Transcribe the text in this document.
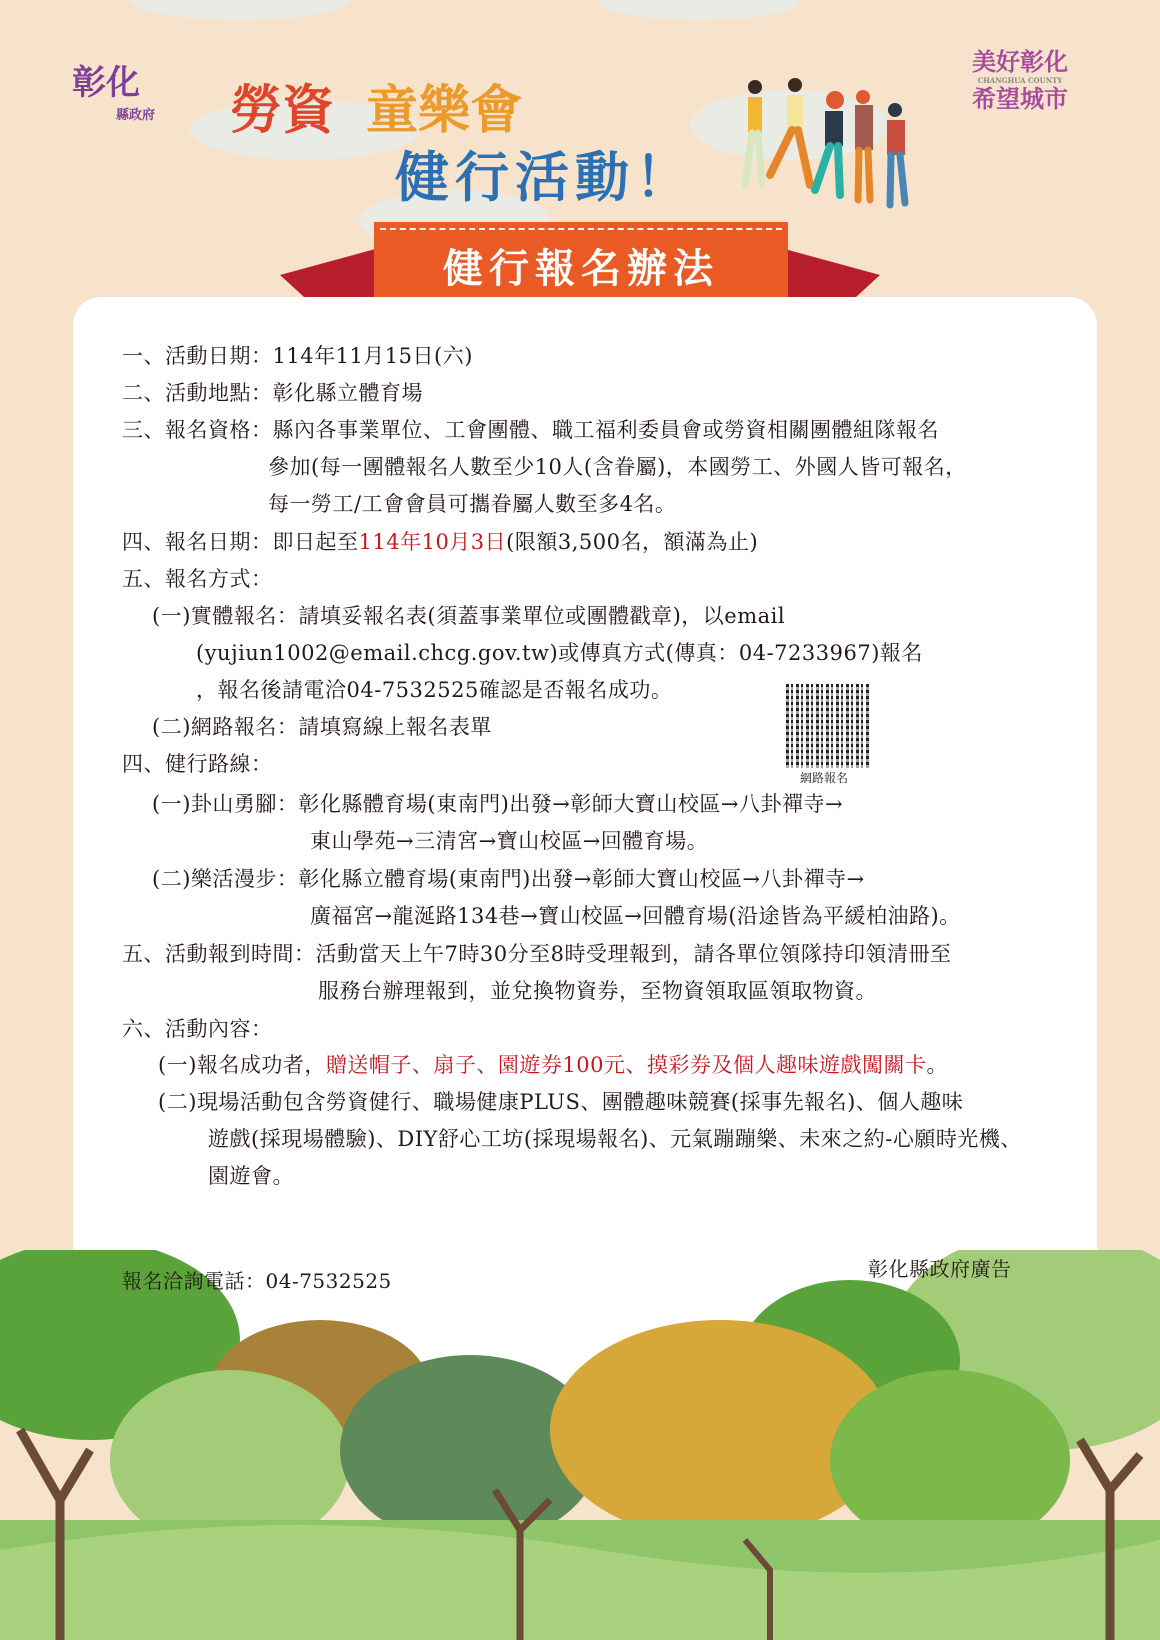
彰化
縣政府
美好彰化
CHANGHUA COUNTY
希望城市
勞資 童樂會
健行活動！
健行報名辦法
一、活動日期：114年11月15日(六)
二、活動地點：彰化縣立體育場
三、報名資格：縣內各事業單位、工會團體、職工福利委員會或勞資相關團體組隊報名
參加(每一團體報名人數至少10人(含眷屬)，本國勞工、外國人皆可報名，
每一勞工/工會會員可攜眷屬人數至多4名。
四、報名日期：即日起至114年10月3日(限額3,500名，額滿為止)
五、報名方式：
(一)實體報名：請填妥報名表(須蓋事業單位或團體戳章)，以email
(yujiun1002@email.chcg.gov.tw)或傳真方式(傳真：04-7233967)報名
，報名後請電洽04-7532525確認是否報名成功。
(二)網路報名：請填寫線上報名表單
四、健行路線：
(一)卦山勇腳：彰化縣體育場(東南門)出發→彰師大寶山校區→八卦禪寺→
東山學苑→三清宮→寶山校區→回體育場。
(二)樂活漫步：彰化縣立體育場(東南門)出發→彰師大寶山校區→八卦禪寺→
廣福宮→龍涎路134巷→寶山校區→回體育場(沿途皆為平緩柏油路)。
五、活動報到時間：活動當天上午7時30分至8時受理報到，請各單位領隊持印領清冊至
服務台辦理報到，並兌換物資券，至物資領取區領取物資。
六、活動內容：
(一)報名成功者，贈送帽子、扇子、園遊券100元、摸彩券及個人趣味遊戲闖關卡。
(二)現場活動包含勞資健行、職場健康PLUS、團體趣味競賽(採事先報名)、個人趣味
遊戲(採現場體驗)、DIY舒心工坊(採現場報名)、元氣蹦蹦樂、未來之約-心願時光機、
園遊會。
網路報名
報名洽詢電話：04-7532525	彰化縣政府廣告
